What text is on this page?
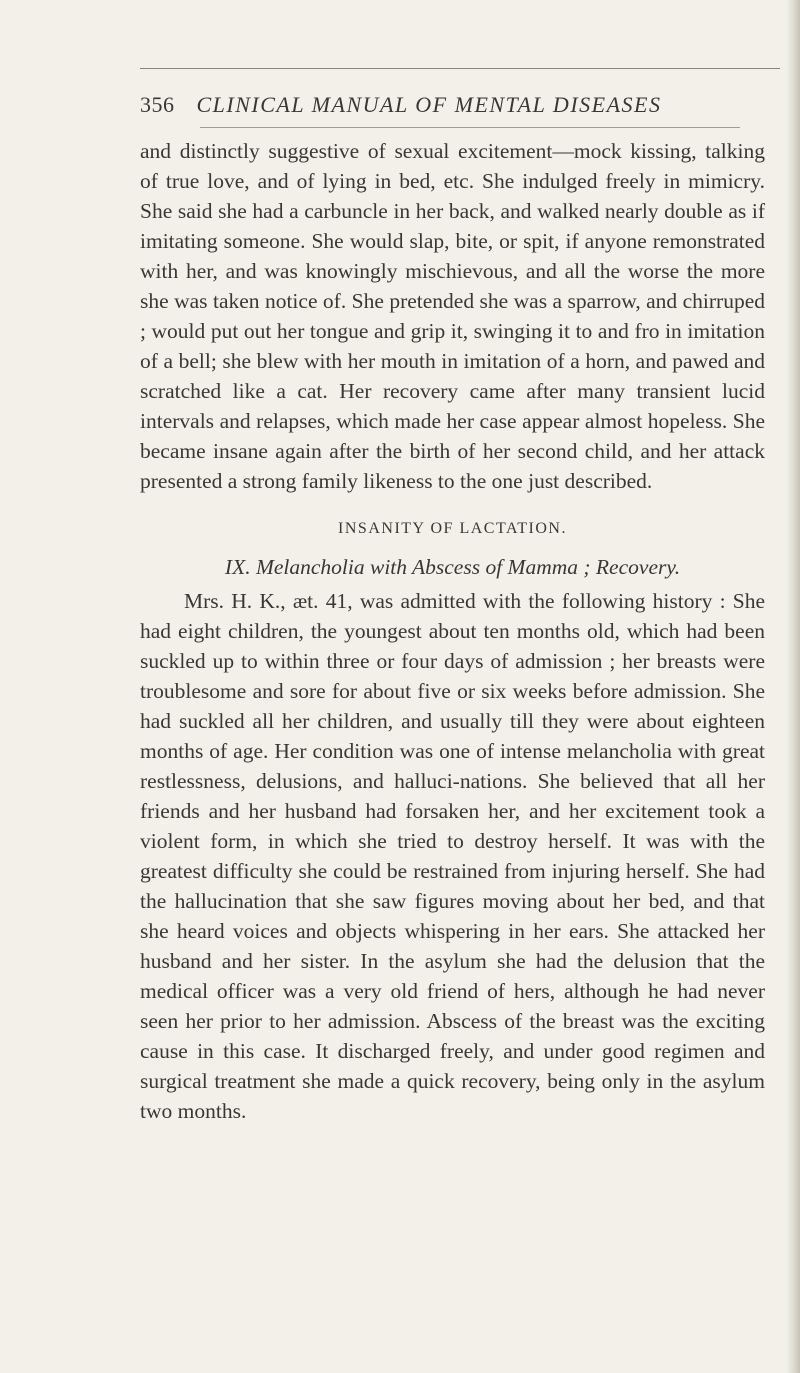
356 CLINICAL MANUAL OF MENTAL DISEASES

and distinctly suggestive of sexual excitement—mock kissing, talking of true love, and of lying in bed, etc. She indulged freely in mimicry. She said she had a carbuncle in her back, and walked nearly double as if imitating someone. She would slap, bite, or spit, if anyone remonstrated with her, and was knowingly mischievous, and all the worse the more she was taken notice of. She pretended she was a sparrow, and chirruped ; would put out her tongue and grip it, swinging it to and fro in imitation of a bell; she blew with her mouth in imitation of a horn, and pawed and scratched like a cat. Her recovery came after many transient lucid intervals and relapses, which made her case appear almost hopeless. She became insane again after the birth of her second child, and her attack presented a strong family likeness to the one just described.

INSANITY OF LACTATION.
IX. Melancholia with Abscess of Mamma ; Recovery.

Mrs. H. K., æt. 41, was admitted with the following history : She had eight children, the youngest about ten months old, which had been suckled up to within three or four days of admission ; her breasts were troublesome and sore for about five or six weeks before admission. She had suckled all her children, and usually till they were about eighteen months of age. Her condition was one of intense melancholia with great restlessness, delusions, and halluci-nations. She believed that all her friends and her husband had forsaken her, and her excitement took a violent form, in which she tried to destroy herself. It was with the greatest difficulty she could be restrained from injuring herself. She had the hallucination that she saw figures moving about her bed, and that she heard voices and objects whispering in her ears. She attacked her husband and her sister. In the asylum she had the delusion that the medical officer was a very old friend of hers, although he had never seen her prior to her admission. Abscess of the breast was the exciting cause in this case. It discharged freely, and under good regimen and surgical treatment she made a quick recovery, being only in the asylum two months.
